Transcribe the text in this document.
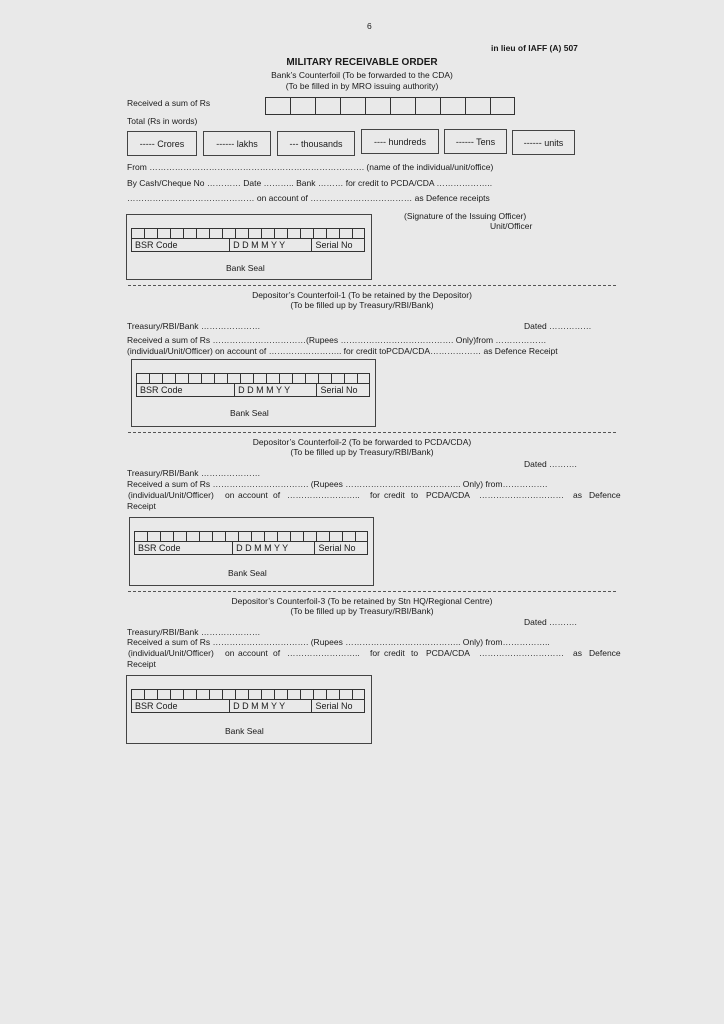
6
in lieu of IAFF (A) 507
MILITARY RECEIVABLE ORDER
Bank’s Counterfoil (To be forwarded to the CDA)
(To be filled in by MRO issuing authority)
Received a sum of Rs
Total (Rs in words)
----- Crores	------ lakhs	--- thousands	---- hundreds	------ Tens	------ units
From …………………………………………………………………. (name of the individual/unit/office)
By Cash/Cheque No ………… Date ……….. Bank ……… for credit to PCDA/CDA ………………..
……………………………………… on account of ……………………………… as Defence receipts
(Signature of the Issuing Officer)
Unit/Officer
BSR Code	D D M M Y Y	Serial No
Bank Seal
Depositor’s Counterfoil-1 (To be retained by the Depositor)
(To be filled up by Treasury/RBI/Bank)
Treasury/RBI/Bank …………………	Dated ……………
Received a sum of Rs ……………………………(Rupees …………………………………. Only)from ………………
(individual/Unit/Officer) on account of …………………….. for credit toPCDA/CDA……………… as Defence Receipt
BSR Code	D D M M Y Y	Serial No
Bank Seal
Depositor’s Counterfoil-2 (To be forwarded to PCDA/CDA)
(To be filled up by Treasury/RBI/Bank)
Dated ……….
Treasury/RBI/Bank …………………
Received a sum of Rs ……………………………. (Rupees ………………………………….. Only) from…………….
(individual/Unit/Officer) on account of …………………….. for credit to PCDA/CDA ………………………… as Defence
Receipt
BSR Code	D D M M Y Y	Serial No
Bank Seal
Depositor’s Counterfoil-3 (To be retained by Stn HQ/Regional Centre)
(To be filled up by Treasury/RBI/Bank)
Dated ……….
Treasury/RBI/Bank …………………
Received a sum of Rs ……………………………. (Rupees ………………………………….. Only) from……………..
(individual/Unit/Officer) on account of …………………….. for credit to PCDA/CDA ………………………… as Defence
Receipt
BSR Code	D D M M Y Y	Serial No
Bank Seal
